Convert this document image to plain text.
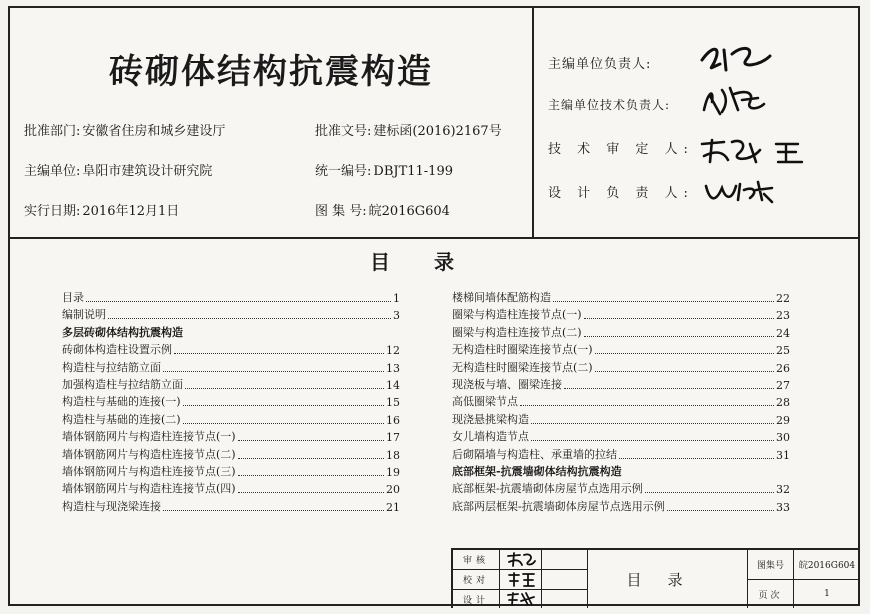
砖砌体结构抗震构造
批准部门: 安徽省住房和城乡建设厅	批准文号: 建标函(2016)2167号
主编单位: 阜阳市建筑设计研究院	统一编号: DBJT11-199
实行日期: 2016年12月1日	图 集 号: 皖2016G604
主编单位负责人:
主编单位技术负责人:
技 术 审 定 人:
设 计 负 责 人:
目录
目录	1
编制说明	3
多层砖砌体结构抗震构造
砖砌体构造柱设置示例	12
构造柱与拉结筋立面	13
加强构造柱与拉结筋立面	14
构造柱与基础的连接(一)	15
构造柱与基础的连接(二)	16
墙体钢筋网片与构造柱连接节点(一)	17
墙体钢筋网片与构造柱连接节点(二)	18
墙体钢筋网片与构造柱连接节点(三)	19
墙体钢筋网片与构造柱连接节点(四)	20
构造柱与现浇梁连接	21
楼梯间墙体配筋构造	22
圈梁与构造柱连接节点(一)	23
圈梁与构造柱连接节点(二)	24
无构造柱时圈梁连接节点(一)	25
无构造柱时圈梁连接节点(二)	26
现浇板与墙、圈梁连接	27
高低圈梁节点	28
现浇悬挑梁构造	29
女儿墙构造节点	30
后砌隔墙与构造柱、承重墙的拉结	31
底部框架-抗震墙砌体结构抗震构造
底部框架-抗震墙砌体房屋节点选用示例	32
底部两层框架-抗震墙砌体房屋节点选用示例	33
审核
校对
设计
目录
图集号	皖2016G604
页次	1
